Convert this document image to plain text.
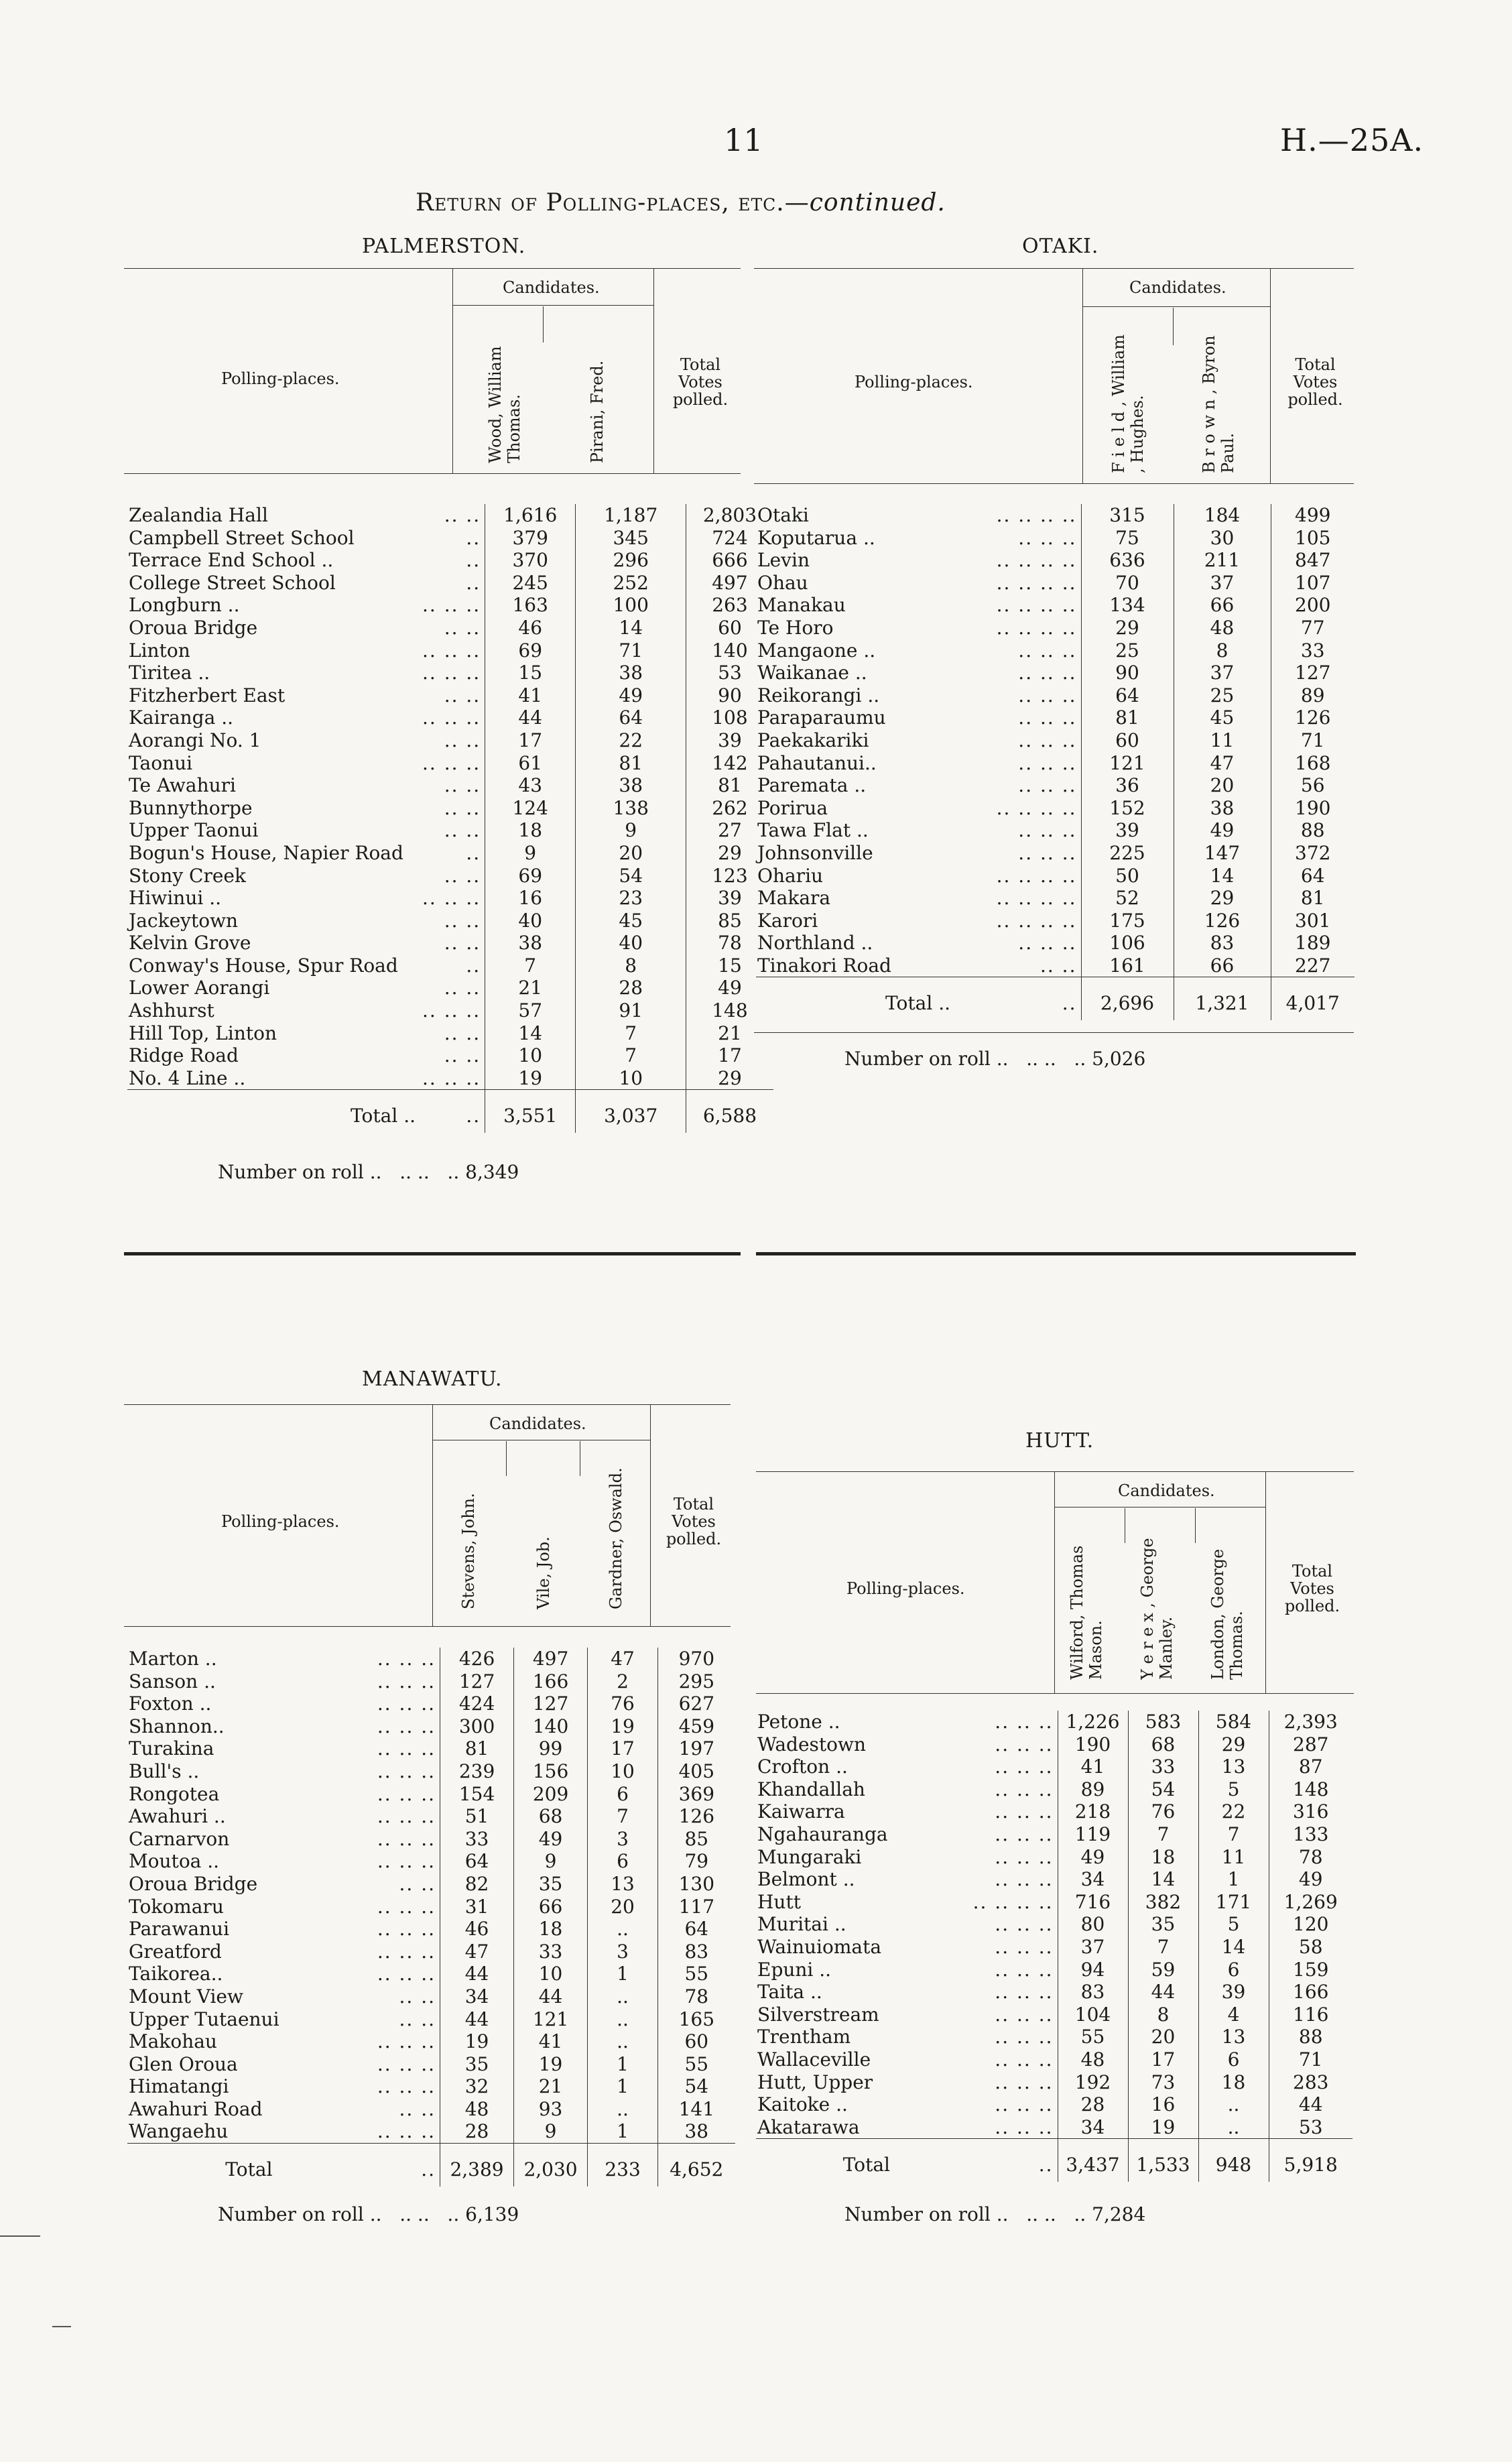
11	H.—25A.
Return of Polling-places, etc.—continued.
PALMERSTON.
Polling-places.
Candidates.
Wood, William
Thomas.	Pirani, Fred.	Total
Votes
polled.
Zealandia Hall	.. ..	1,616	1,187	2,803
Campbell Street School	..	379	345	724
Terrace End School ..	..	370	296	666
College Street School	..	245	252	497
Longburn ..	.. .. ..	163	100	263
Oroua Bridge	.. ..	46	14	60
Linton	.. .. ..	69	71	140
Tiritea ..	.. .. ..	15	38	53
Fitzherbert East	.. ..	41	49	90
Kairanga ..	.. .. ..	44	64	108
Aorangi No. 1	.. ..	17	22	39
Taonui	.. .. ..	61	81	142
Te Awahuri	.. ..	43	38	81
Bunnythorpe	.. ..	124	138	262
Upper Taonui	.. ..	18	9	27
Bogun's House, Napier Road	..	9	20	29
Stony Creek	.. ..	69	54	123
Hiwinui ..	.. .. ..	16	23	39
Jackeytown	.. ..	40	45	85
Kelvin Grove	.. ..	38	40	78
Conway's House, Spur Road	..	7	8	15
Lower Aorangi	.. ..	21	28	49
Ashhurst	.. .. ..	57	91	148
Hill Top, Linton	.. ..	14	7	21
Ridge Road	.. ..	10	7	17
No. 4 Line ..	.. .. ..	19	10	29
Total ..	..	3,551	3,037	6,588
Number on roll .. .. ..   .. 8,349
OTAKI.
Polling-places.
Candidates.
F i e l d , William
, Hughes.	B r o w n , Byron
Paul.
Total
Votes
polled.
Otaki	.. .. .. ..	315	184	499
Koputarua ..	.. .. ..	75	30	105
Levin	.. .. .. ..	636	211	847
Ohau	.. .. .. ..	70	37	107
Manakau	.. .. .. ..	134	66	200
Te Horo	.. .. .. ..	29	48	77
Mangaone ..	.. .. ..	25	8	33
Waikanae ..	.. .. ..	90	37	127
Reikorangi ..	.. .. ..	64	25	89
Paraparaumu	.. .. ..	81	45	126
Paekakariki	.. .. ..	60	11	71
Pahautanui..	.. .. ..	121	47	168
Paremata ..	.. .. ..	36	20	56
Porirua	.. .. .. ..	152	38	190
Tawa Flat ..	.. .. ..	39	49	88
Johnsonville	.. .. ..	225	147	372
Ohariu	.. .. .. ..	50	14	64
Makara	.. .. .. ..	52	29	81
Karori	.. .. .. ..	175	126	301
Northland ..	.. .. ..	106	83	189
Tinakori Road	.. ..	161	66	227
Total ..	..	2,696	1,321	4,017
Number on roll .. .. ..   .. 5,026
MANAWATU.
Polling-places.
Candidates.
Stevens, John.	Vile, Job.	Gardner, Oswald.	Total
Votes
polled.
Marton ..	.. .. ..	426	497	47	970
Sanson ..	.. .. ..	127	166	2	295
Foxton ..	.. .. ..	424	127	76	627
Shannon..	.. .. ..	300	140	19	459
Turakina	.. .. ..	81	99	17	197
Bull's ..	.. .. ..	239	156	10	405
Rongotea	.. .. ..	154	209	6	369
Awahuri ..	.. .. ..	51	68	7	126
Carnarvon	.. .. ..	33	49	3	85
Moutoa ..	.. .. ..	64	9	6	79
Oroua Bridge	.. ..	82	35	13	130
Tokomaru	.. .. ..	31	66	20	117
Parawanui	.. .. ..	46	18	..	64
Greatford	.. .. ..	47	33	3	83
Taikorea..	.. .. ..	44	10	1	55
Mount View	.. ..	34	44	..	78
Upper Tutaenui	.. ..	44	121	..	165
Makohau	.. .. ..	19	41	..	60
Glen Oroua	.. .. ..	35	19	1	55
Himatangi	.. .. ..	32	21	1	54
Awahuri Road	.. ..	48	93	..	141
Wangaehu	.. .. ..	28	9	1	38
Total	..	2,389	2,030	233	4,652
Number on roll .. .. ..   .. 6,139
HUTT.
Polling-places.
Candidates.
Wilford, Thomas
Mason. Y e r e x , George
Manley. London, George
Thomas.
Total
Votes
polled.
Petone ..	.. .. ..	1,226	583	584	2,393
Wadestown	.. .. ..	190	68	29	287
Crofton ..	.. .. ..	41	33	13	87
Khandallah	.. .. ..	89	54	5	148
Kaiwarra	.. .. ..	218	76	22	316
Ngahauranga	.. .. ..	119	7	7	133
Mungaraki	.. .. ..	49	18	11	78
Belmont ..	.. .. ..	34	14	1	49
Hutt	.. .. .. ..	716	382	171	1,269
Muritai ..	.. .. ..	80	35	5	120
Wainuiomata	.. .. ..	37	7	14	58
Epuni ..	.. .. ..	94	59	6	159
Taita ..	.. .. ..	83	44	39	166
Silverstream	.. .. ..	104	8	4	116
Trentham	.. .. ..	55	20	13	88
Wallaceville	.. .. ..	48	17	6	71
Hutt, Upper	.. .. ..	192	73	18	283
Kaitoke ..	.. .. ..	28	16	..	44
Akatarawa	.. .. ..	34	19	..	53
Total	..	3,437	1,533	948	5,918
Number on roll .. .. ..   .. 7,284
